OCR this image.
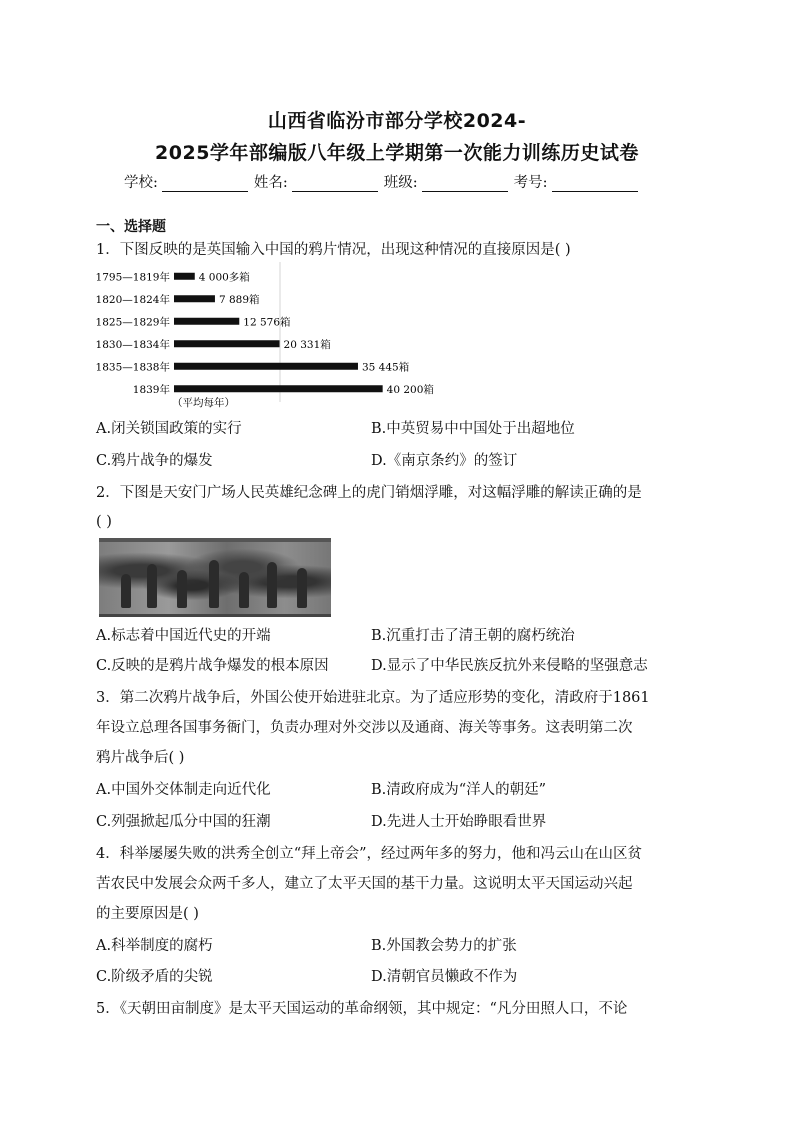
山西省临汾市部分学校2024-
2025学年部编版八年级上学期第一次能力训练历史试卷
学校:	姓名:	班级:	考号:
一、选择题
1．下图反映的是英国输入中国的鸦片情况，出现这种情况的直接原因是( )
1795—1819年	4 000多箱
1820—1824年	7 889箱
1825—1829年	12 576箱
1830—1834年	20 331箱
1835—1838年	35 445箱
1839年	40 200箱
（平均每年）
A.闭关锁国政策的实行	B.中英贸易中中国处于出超地位
C.鸦片战争的爆发	D.《南京条约》的签订
2．下图是天安门广场人民英雄纪念碑上的虎门销烟浮雕，对这幅浮雕的解读正确的是
( )
A.标志着中国近代史的开端	B.沉重打击了清王朝的腐朽统治
C.反映的是鸦片战争爆发的根本原因	D.显示了中华民族反抗外来侵略的坚强意志
3．第二次鸦片战争后，外国公使开始进驻北京。为了适应形势的变化，清政府于1861
年设立总理各国事务衙门，负责办理对外交涉以及通商、海关等事务。这表明第二次
鸦片战争后( )
A.中国外交体制走向近代化	B.清政府成为“洋人的朝廷”
C.列强掀起瓜分中国的狂潮	D.先进人士开始睁眼看世界
4．科举屡屡失败的洪秀全创立“拜上帝会”，经过两年多的努力，他和冯云山在山区贫
苦农民中发展会众两千多人，建立了太平天国的基干力量。这说明太平天国运动兴起
的主要原因是( )
A.科举制度的腐朽	B.外国教会势力的扩张
C.阶级矛盾的尖锐	D.清朝官员懒政不作为
5．《天朝田亩制度》是太平天国运动的革命纲领，其中规定：“凡分田照人口，不论
